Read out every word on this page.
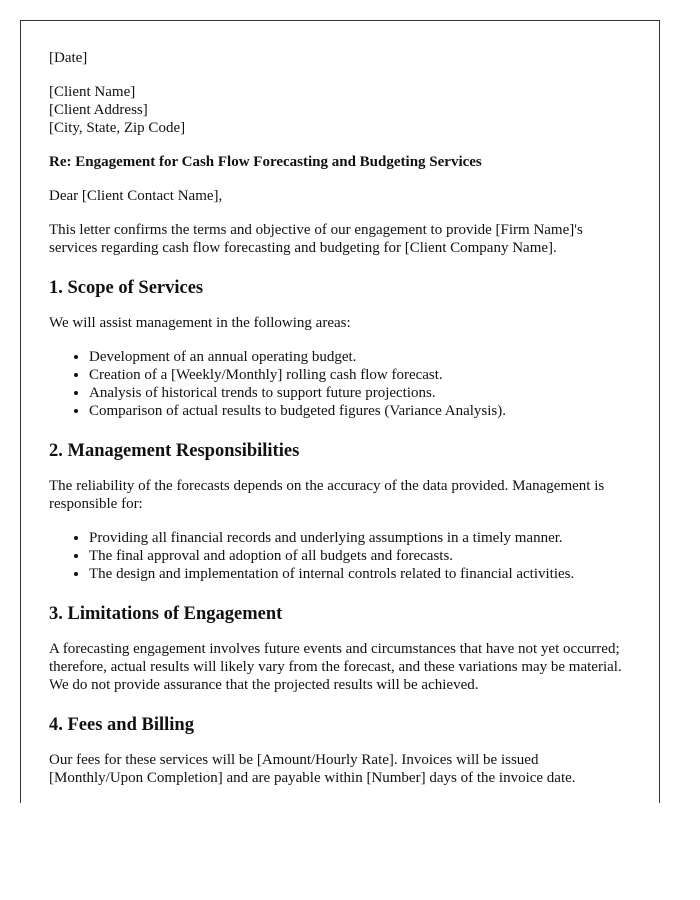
[Date]

[Client Name]

[Client Address]

[City, State, Zip Code]

Re: Engagement for Cash Flow Forecasting and Budgeting Services

Dear [Client Contact Name],

This letter confirms the terms and objective of our engagement to provide [Firm Name]'s services regarding cash flow forecasting and budgeting for [Client Company Name].

1. Scope of Services

We will assist management in the following areas:

• Development of an annual operating budget.
• Creation of a [Weekly/Monthly] rolling cash flow forecast.
• Analysis of historical trends to support future projections.
• Comparison of actual results to budgeted figures (Variance Analysis).
2. Management Responsibilities

The reliability of the forecasts depends on the accuracy of the data provided. Management is responsible for:

• Providing all financial records and underlying assumptions in a timely manner.
• The final approval and adoption of all budgets and forecasts.
• The design and implementation of internal controls related to financial activities.
3. Limitations of Engagement

A forecasting engagement involves future events and circumstances that have not yet occurred; therefore, actual results will likely vary from the forecast, and these variations may be material. We do not provide assurance that the projected results will be achieved.

4. Fees and Billing

Our fees for these services will be [Amount/Hourly Rate]. Invoices will be issued [Monthly/Upon Completion] and are payable within [Number] days of the invoice date.
